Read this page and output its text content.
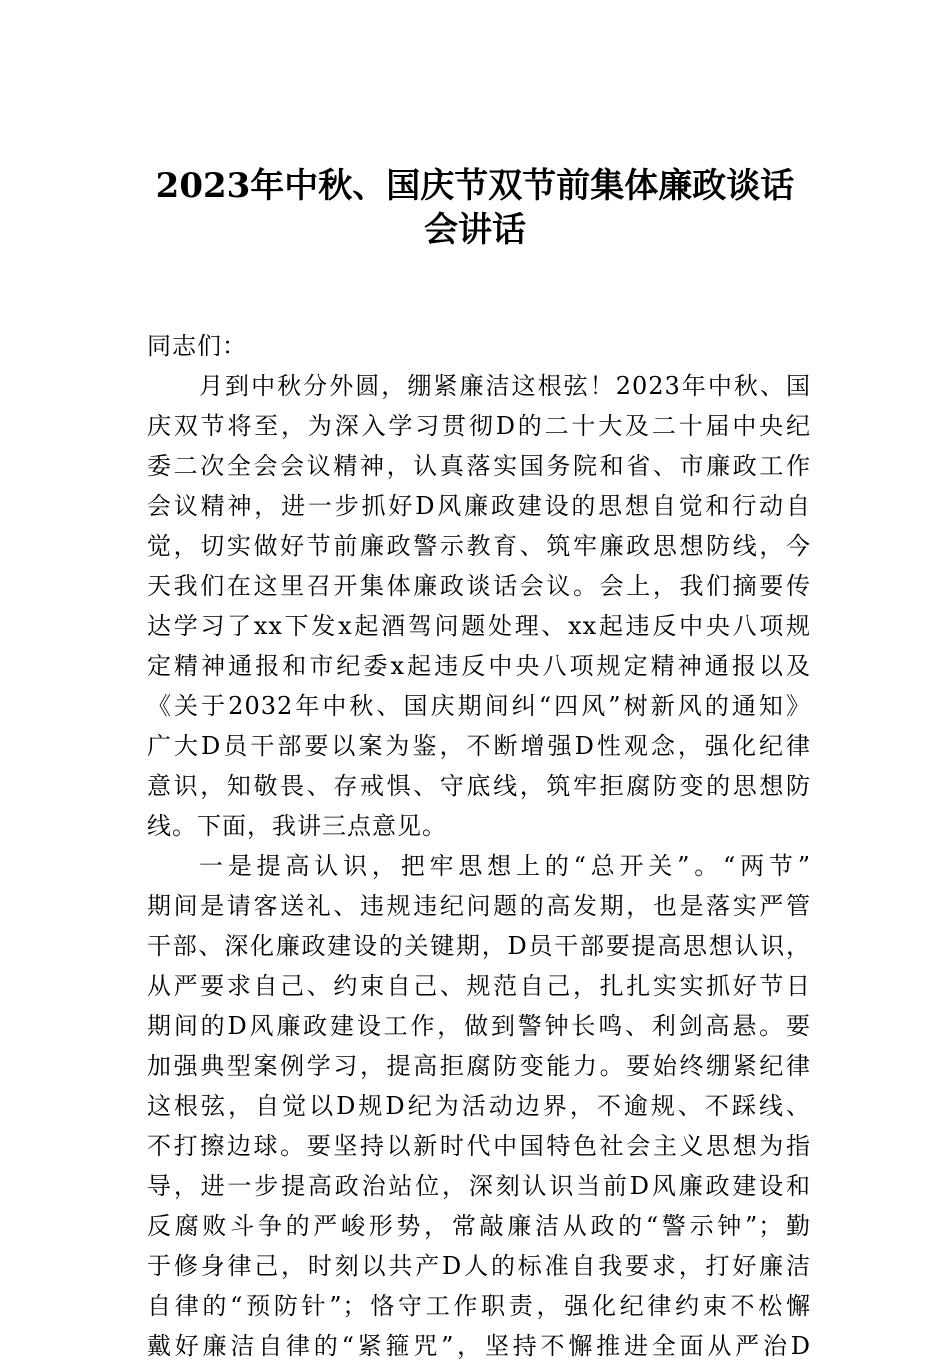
2023年中秋、国庆节双节前集体廉政谈话
会讲话
同志们：
月到中秋分外圆，绷紧廉洁这根弦！2023年中秋、国
庆双节将至，为深入学习贯彻D的二十大及二十届中央纪
委二次全会会议精神，认真落实国务院和省、市廉政工作
会议精神，进一步抓好D风廉政建设的思想自觉和行动自
觉，切实做好节前廉政警示教育、筑牢廉政思想防线，今
天我们在这里召开集体廉政谈话会议。会上，我们摘要传
达学习了xx下发x起酒驾问题处理、xx起违反中央八项规
定精神通报和市纪委x起违反中央八项规定精神通报以及
《关于2032年中秋、国庆期间纠“四风”树新风的通知》
广大D员干部要以案为鉴，不断增强D性观念，强化纪律
意识，知敬畏、存戒惧、守底线，筑牢拒腐防变的思想防
线。下面，我讲三点意见。
一是提高认识，把牢思想上的“总开关”。“两节”
期间是请客送礼、违规违纪问题的高发期，也是落实严管
干部、深化廉政建设的关键期，D员干部要提高思想认识，
从严要求自己、约束自己、规范自己，扎扎实实抓好节日
期间的D风廉政建设工作，做到警钟长鸣、利剑高悬。要
加强典型案例学习，提高拒腐防变能力。要始终绷紧纪律
这根弦，自觉以D规D纪为活动边界，不逾规、不踩线、
不打擦边球。要坚持以新时代中国特色社会主义思想为指
导，进一步提高政治站位，深刻认识当前D风廉政建设和
反腐败斗争的严峻形势，常敲廉洁从政的“警示钟”；勤
于修身律己，时刻以共产D人的标准自我要求，打好廉洁
自律的“预防针”；恪守工作职责，强化纪律约束不松懈
戴好廉洁自律的“紧箍咒”，坚持不懈推进全面从严治D
